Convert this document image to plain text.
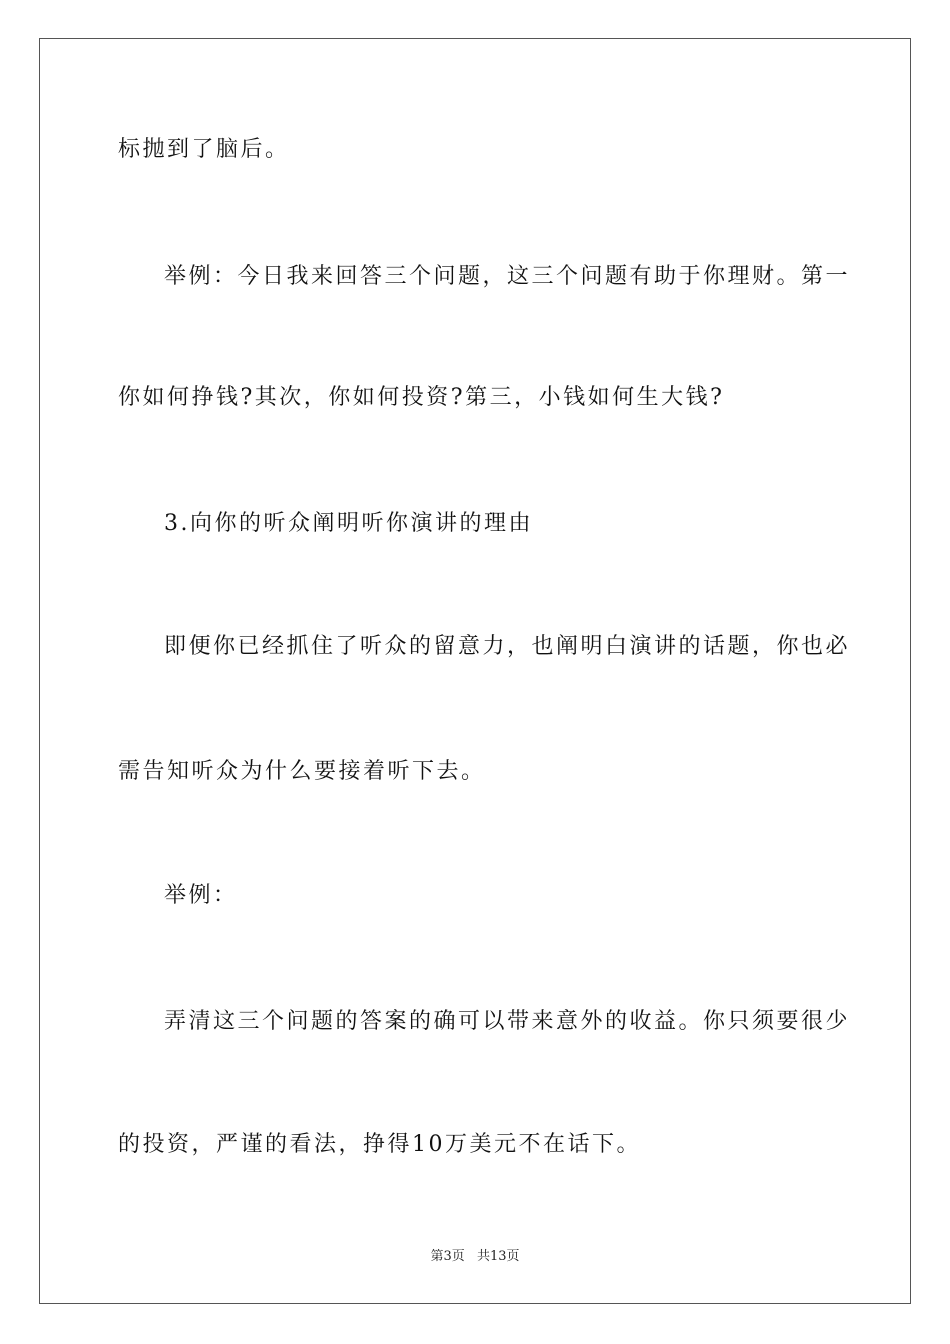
标抛到了脑后。
举例：今日我来回答三个问题，这三个问题有助于你理财。第一
你如何挣钱?其次，你如何投资?第三，小钱如何生大钱?
3.向你的听众阐明听你演讲的理由
即便你已经抓住了听众的留意力，也阐明白演讲的话题，你也必
需告知听众为什么要接着听下去。
举例：
弄清这三个问题的答案的确可以带来意外的收益。你只须要很少
的投资，严谨的看法，挣得10万美元不在话下。
第3页 共13页
